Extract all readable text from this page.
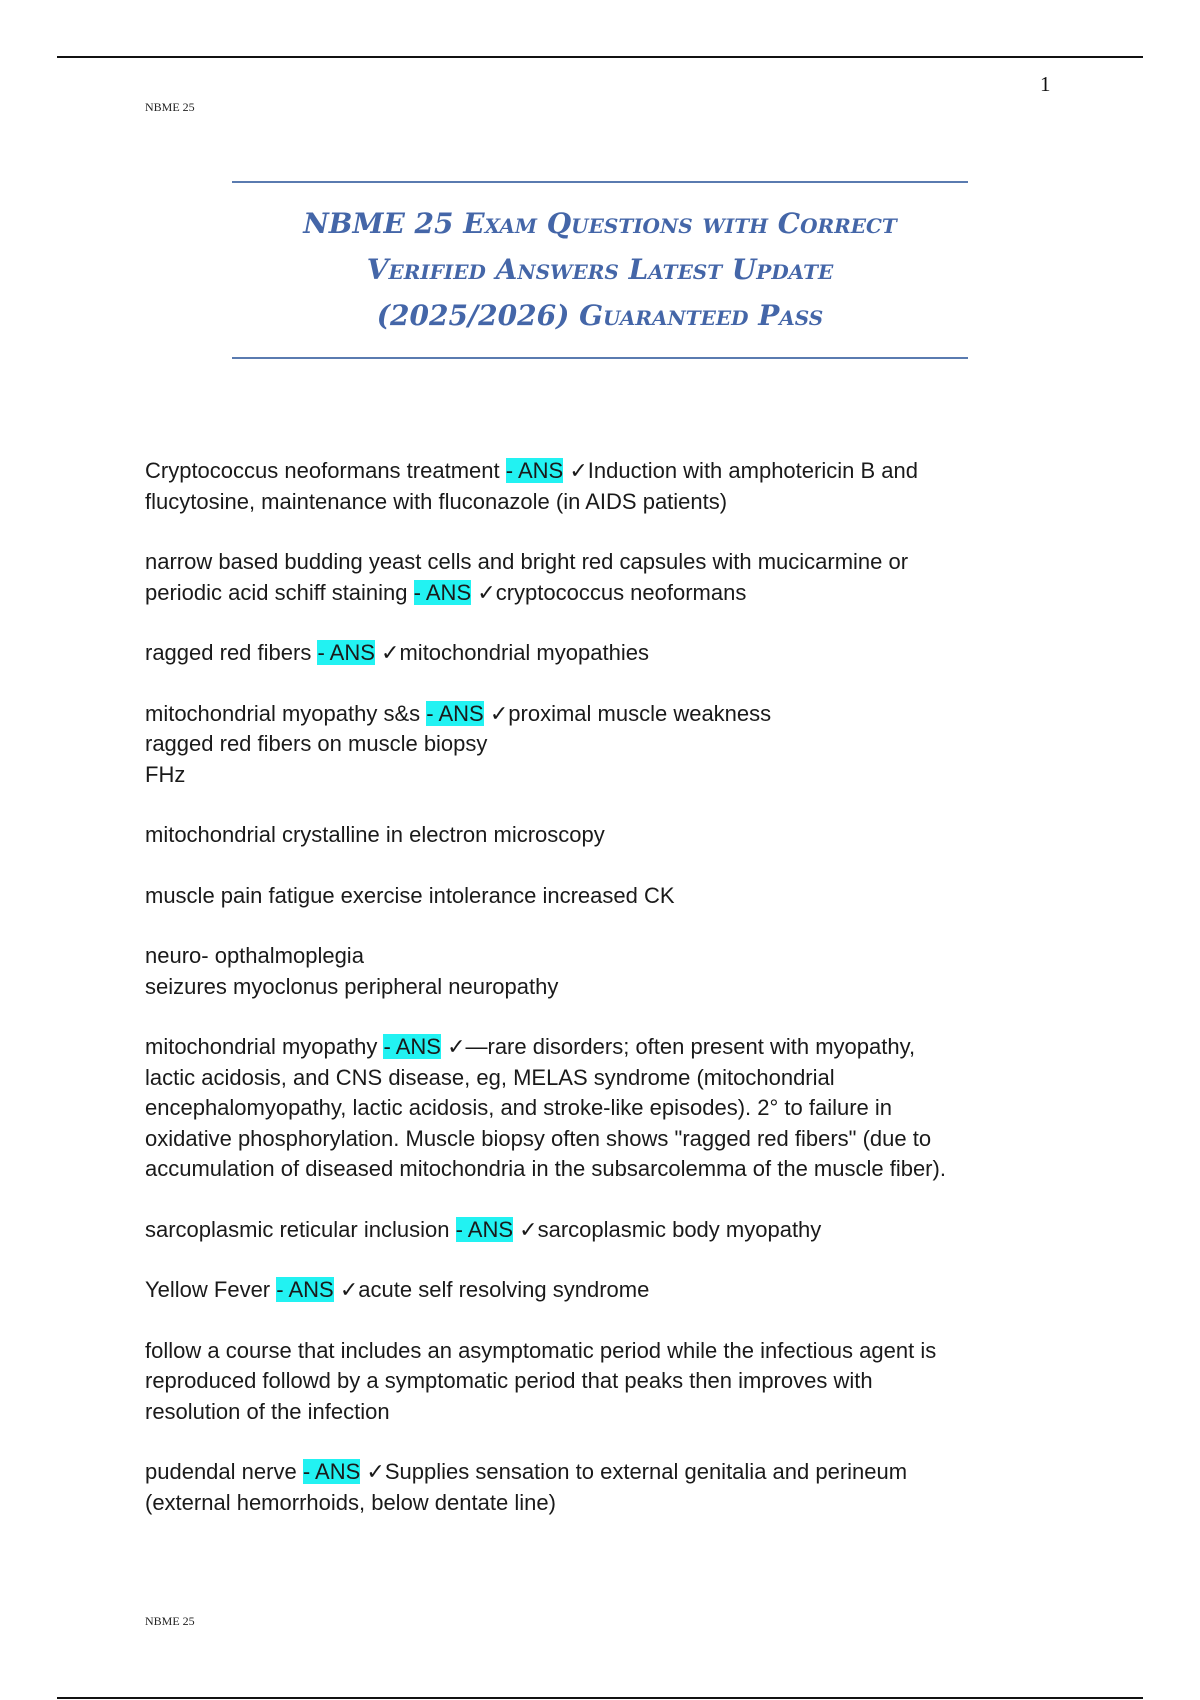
1
NBME 25
NBME 25 Exam Questions with Correct
Verified Answers Latest Update
(2025/2026) Guaranteed Pass
Cryptococcus neoformans treatment - ANS ✓Induction with amphotericin B and
flucytosine, maintenance with fluconazole (in AIDS patients)
narrow based budding yeast cells and bright red capsules with mucicarmine or
periodic acid schiff staining - ANS ✓cryptococcus neoformans
ragged red fibers - ANS ✓mitochondrial myopathies
mitochondrial myopathy s&s - ANS ✓proximal muscle weakness
ragged red fibers on muscle biopsy
FHz
mitochondrial crystalline in electron microscopy
muscle pain fatigue exercise intolerance increased CK
neuro- opthalmoplegia
seizures myoclonus peripheral neuropathy
mitochondrial myopathy - ANS ✓—rare disorders; often present with myopathy,
lactic acidosis, and CNS disease, eg, MELAS syndrome (mitochondrial
encephalomyopathy, lactic acidosis, and stroke-like episodes). 2° to failure in
oxidative phosphorylation. Muscle biopsy often shows "ragged red fibers" (due to
accumulation of diseased mitochondria in the subsarcolemma of the muscle fiber).
sarcoplasmic reticular inclusion - ANS ✓sarcoplasmic body myopathy
Yellow Fever - ANS ✓acute self resolving syndrome
follow a course that includes an asymptomatic period while the infectious agent is
reproduced followd by a symptomatic period that peaks then improves with
resolution of the infection
pudendal nerve - ANS ✓Supplies sensation to external genitalia and perineum
(external hemorrhoids, below dentate line)
NBME 25
